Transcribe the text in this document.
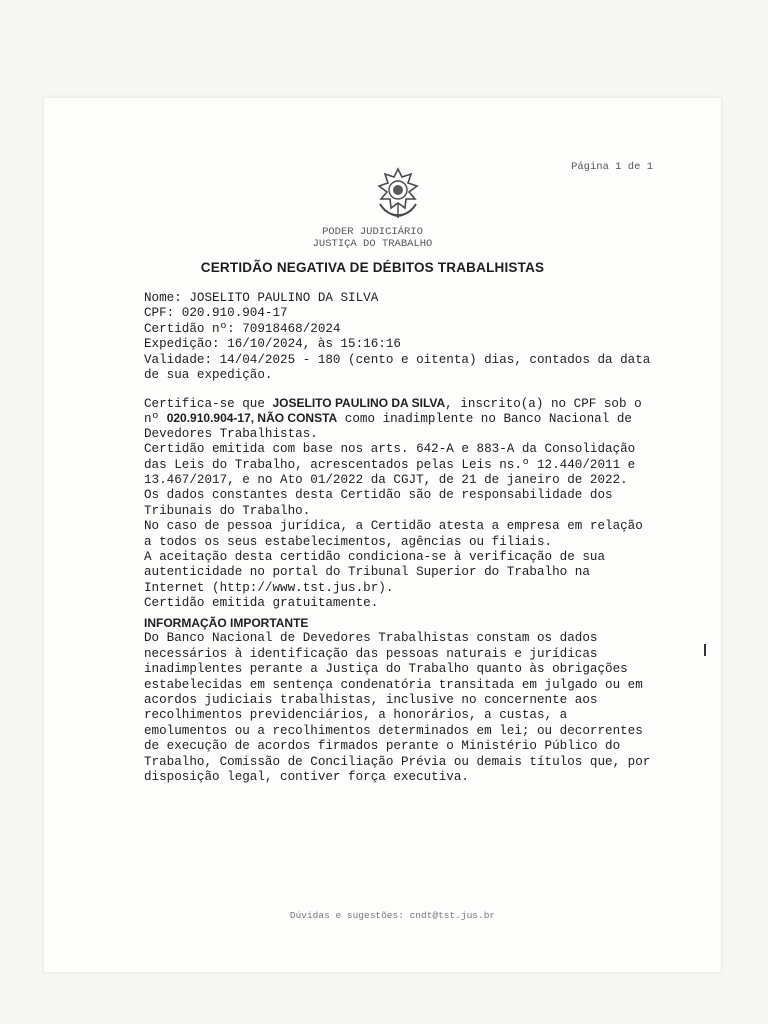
Página 1 de 1
PODER JUDICIÁRIO
JUSTIÇA DO TRABALHO
CERTIDÃO NEGATIVA DE DÉBITOS TRABALHISTAS
Nome: JOSELITO PAULINO DA SILVA
CPF: 020.910.904-17
Certidão nº: 70918468/2024
Expedição: 16/10/2024, às 15:16:16
Validade: 14/04/2025 - 180 (cento e oitenta) dias, contados da data
de sua expedição.
Certifica-se que JOSELITO PAULINO DA SILVA, inscrito(a) no CPF sob o
nº 020.910.904-17, NÃO CONSTA como inadimplente no Banco Nacional de
Devedores Trabalhistas.
Certidão emitida com base nos arts. 642-A e 883-A da Consolidação
das Leis do Trabalho, acrescentados pelas Leis ns.º 12.440/2011 e
13.467/2017, e no Ato 01/2022 da CGJT, de 21 de janeiro de 2022.
Os dados constantes desta Certidão são de responsabilidade dos
Tribunais do Trabalho.
No caso de pessoa jurídica, a Certidão atesta a empresa em relação
a todos os seus estabelecimentos, agências ou filiais.
A aceitação desta certidão condiciona-se à verificação de sua
autenticidade no portal do Tribunal Superior do Trabalho na
Internet (http://www.tst.jus.br).
Certidão emitida gratuitamente.
INFORMAÇÃO IMPORTANTE
Do Banco Nacional de Devedores Trabalhistas constam os dados
necessários à identificação das pessoas naturais e jurídicas
inadimplentes perante a Justiça do Trabalho quanto às obrigações
estabelecidas em sentença condenatória transitada em julgado ou em
acordos judiciais trabalhistas, inclusive no concernente aos
recolhimentos previdenciários, a honorários, a custas, a
emolumentos ou a recolhimentos determinados em lei; ou decorrentes
de execução de acordos firmados perante o Ministério Público do
Trabalho, Comissão de Conciliação Prévia ou demais títulos que, por
disposição legal, contiver força executiva.
Dúvidas e sugestões: cndt@tst.jus.br
